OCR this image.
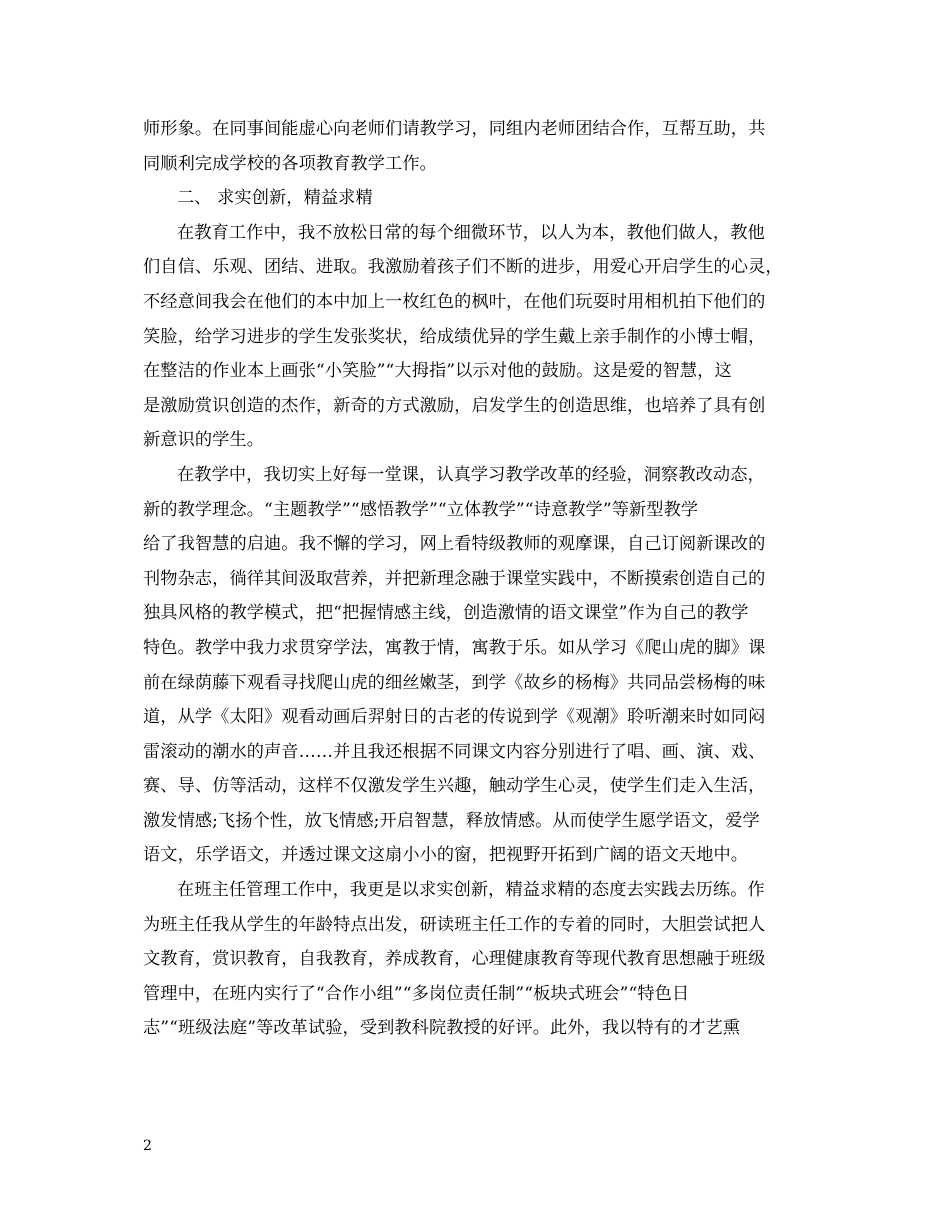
师形象。在同事间能虚心向老师们请教学习，同组内老师团结合作，互帮互助，共
同顺利完成学校的各项教育教学工作。
二、 求实创新，精益求精
在教育工作中，我不放松日常的每个细微环节，以人为本，教他们做人，教他
们自信、乐观、团结、进取。我激励着孩子们不断的进步，用爱心开启学生的心灵，
不经意间我会在他们的本中加上一枚红色的枫叶，在他们玩耍时用相机拍下他们的
笑脸，给学习进步的学生发张奖状，给成绩优异的学生戴上亲手制作的小博士帽，
在整洁的作业本上画张“小笑脸”“大拇指”以示对他的鼓励。这是爱的智慧，这
是激励赏识创造的杰作，新奇的方式激励，启发学生的创造思维，也培养了具有创
新意识的学生。
在教学中，我切实上好每一堂课，认真学习教学改革的经验，洞察教改动态，
新的教学理念。“主题教学”“感悟教学”“立体教学”“诗意教学”等新型教学
给了我智慧的启迪。我不懈的学习，网上看特级教师的观摩课，自己订阅新课改的
刊物杂志，徜徉其间汲取营养，并把新理念融于课堂实践中，不断摸索创造自己的
独具风格的教学模式，把“把握情感主线，创造激情的语文课堂”作为自己的教学
特色。教学中我力求贯穿学法，寓教于情，寓教于乐。如从学习《爬山虎的脚》课
前在绿荫藤下观看寻找爬山虎的细丝嫩茎，到学《故乡的杨梅》共同品尝杨梅的味
道，从学《太阳》观看动画后羿射日的古老的传说到学《观潮》聆听潮来时如同闷
雷滚动的潮水的声音……并且我还根据不同课文内容分别进行了唱、画、演、戏、
赛、导、仿等活动，这样不仅激发学生兴趣，触动学生心灵，使学生们走入生活，
激发情感;飞扬个性，放飞情感;开启智慧，释放情感。从而使学生愿学语文，爱学
语文，乐学语文，并透过课文这扇小小的窗，把视野开拓到广阔的语文天地中。
在班主任管理工作中，我更是以求实创新，精益求精的态度去实践去历练。作
为班主任我从学生的年龄特点出发，研读班主任工作的专着的同时，大胆尝试把人
文教育，赏识教育，自我教育，养成教育，心理健康教育等现代教育思想融于班级
管理中，在班内实行了“合作小组”“多岗位责任制”“板块式班会”“特色日
志”“班级法庭”等改革试验，受到教科院教授的好评。此外，我以特有的才艺熏
2
